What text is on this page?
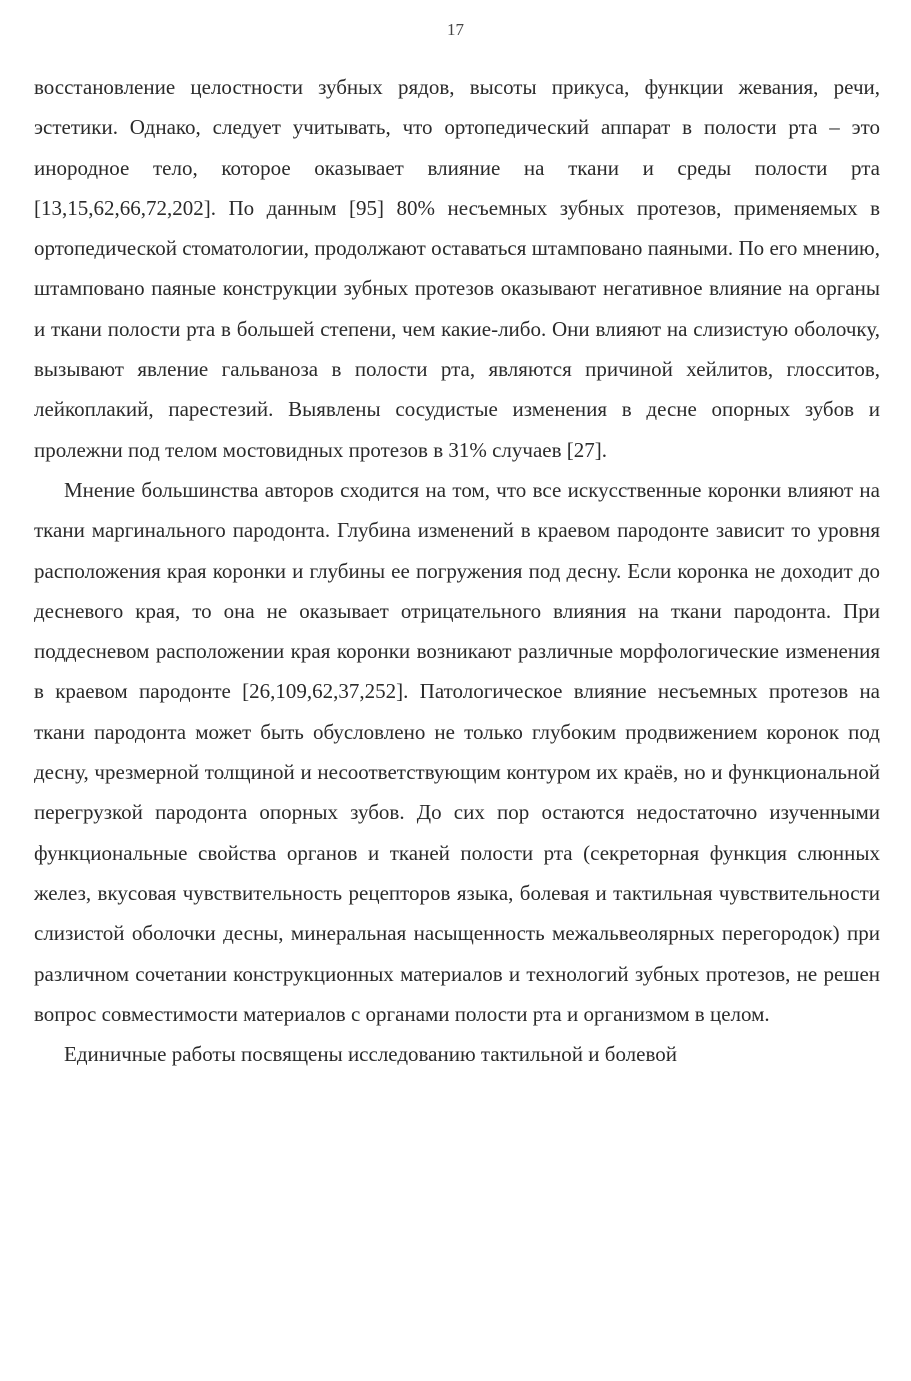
17

восстановление целостности зубных рядов, высоты прикуса, функции жевания, речи, эстетики. Однако, следует учитывать, что ортопедический аппарат в полости рта – это инородное тело, которое оказывает влияние на ткани и среды полости рта [13,15,62,66,72,202]. По данным [95] 80% несъемных зубных протезов, применяемых в ортопедической стоматологии, продолжают оставаться штамповано паяными. По его мнению, штамповано паяные конструкции зубных протезов оказывают негативное влияние на органы и ткани полости рта в большей степени, чем какие-либо. Они влияют на слизистую оболочку, вызывают явление гальваноза в полости рта, являются причиной хейлитов, глосситов, лейкоплакий, парестезий. Выявлены сосудистые изменения в десне опорных зубов и пролежни под телом мостовидных протезов в 31% случаев [27].

Мнение большинства авторов сходится на том, что все искусственные коронки влияют на ткани маргинального пародонта. Глубина изменений в краевом пародонте зависит то уровня расположения края коронки и глубины ее погружения под десну. Если коронка не доходит до десневого края, то она не оказывает отрицательного влияния на ткани пародонта. При поддесневом расположении края коронки возникают различные морфологические изменения в краевом пародонте [26,109,62,37,252]. Патологическое влияние несъемных протезов на ткани пародонта может быть обусловлено не только глубоким продвижением коронок под десну, чрезмерной толщиной и несоответствующим контуром их краёв, но и функциональной перегрузкой пародонта опорных зубов. До сих пор остаются недостаточно изученными функциональные свойства органов и тканей полости рта (секреторная функция слюнных желез, вкусовая чувствительность рецепторов языка, болевая и тактильная чувствительности слизистой оболочки десны, минеральная насыщенность межальвеолярных перегородок) при различном сочетании конструкционных материалов и технологий зубных протезов, не решен вопрос совместимости материалов с органами полости рта и организмом в целом.

Единичные работы посвящены исследованию тактильной и болевой
